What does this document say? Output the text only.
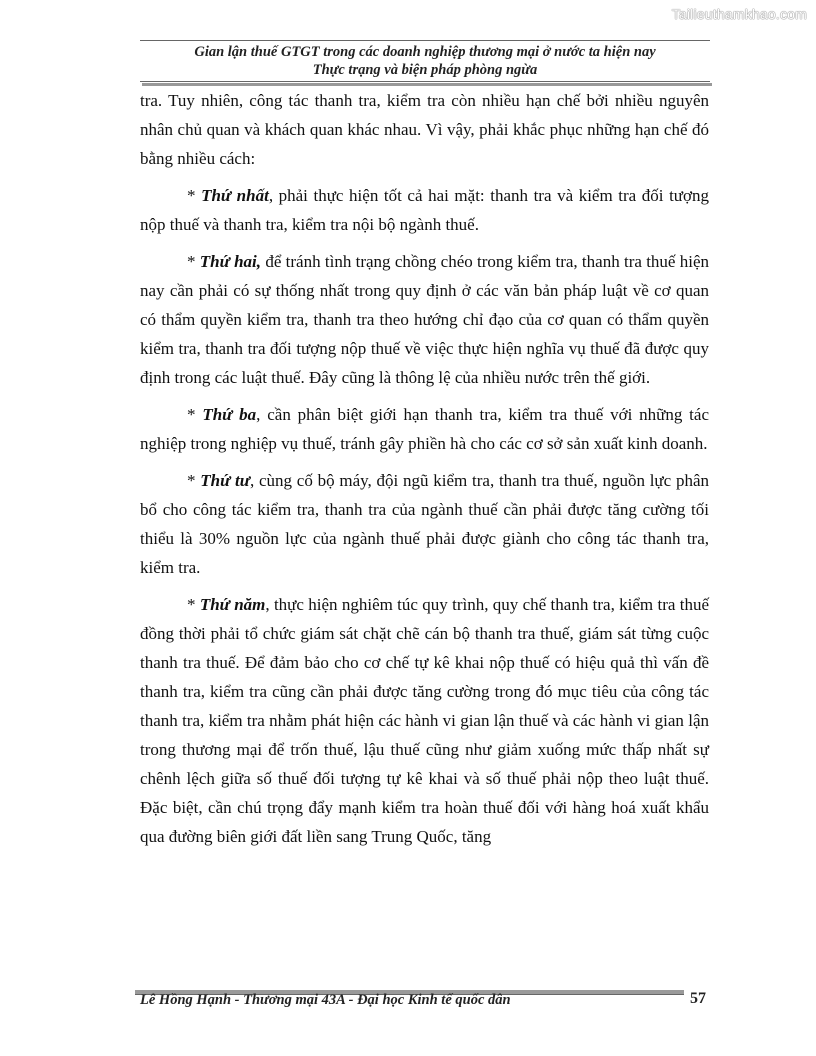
Tailieuthamkhao.com
Gian lận thuế GTGT trong các doanh nghiệp thương mại ở nước ta hiện nay
Thực trạng và biện pháp phòng ngừa

tra. Tuy nhiên, công tác thanh tra, kiểm tra còn nhiều hạn chế bởi nhiều nguyên nhân chủ quan và khách quan khác nhau. Vì vậy, phải khắc phục những hạn chế đó bằng nhiều cách:

* Thứ nhất, phải thực hiện tốt cả hai mặt: thanh tra và kiểm tra đối tượng nộp thuế và thanh tra, kiểm tra nội bộ ngành thuế.

* Thứ hai, để tránh tình trạng chồng chéo trong kiểm tra, thanh tra thuế hiện nay cần phải có sự thống nhất trong quy định ở các văn bản pháp luật về cơ quan có thẩm quyền kiểm tra, thanh tra theo hướng chỉ đạo của cơ quan có thẩm quyền kiểm tra, thanh tra đối tượng nộp thuế về việc thực hiện nghĩa vụ thuế đã được quy định trong các luật thuế. Đây cũng là thông lệ của nhiều nước trên thế giới.

* Thứ ba, cần phân biệt giới hạn thanh tra, kiểm tra thuế với những tác nghiệp trong nghiệp vụ thuế, tránh gây phiền hà cho các cơ sở sản xuất kinh doanh.

* Thứ tư, cùng cố bộ máy, đội ngũ kiểm tra, thanh tra thuế, nguồn lực phân bổ cho công tác kiểm tra, thanh tra của ngành thuế cần phải được tăng cường tối thiểu là 30% nguồn lực của ngành thuế phải được giành cho công tác thanh tra, kiểm tra.

* Thứ năm, thực hiện nghiêm túc quy trình, quy chế thanh tra, kiểm tra thuế đồng thời phải tổ chức giám sát chặt chẽ cán bộ thanh tra thuế, giám sát từng cuộc thanh tra thuế. Để đảm bảo cho cơ chế tự kê khai nộp thuế có hiệu quả thì vấn đề thanh tra, kiểm tra cũng cần phải được tăng cường trong đó mục tiêu của công tác thanh tra, kiểm tra nhằm phát hiện các hành vi gian lận thuế và các hành vi gian lận trong thương mại để trốn thuế, lậu thuế cũng như giảm xuống mức thấp nhất sự chênh lệch giữa số thuế đối tượng tự kê khai và số thuế phải nộp theo luật thuế. Đặc biệt, cần chú trọng đẩy mạnh kiểm tra hoàn thuế đối với hàng hoá xuất khẩu qua đường biên giới đất liền sang Trung Quốc, tăng

Lê Hồng Hạnh - Thương mại 43A - Đại học Kinh tế quốc dân	57
